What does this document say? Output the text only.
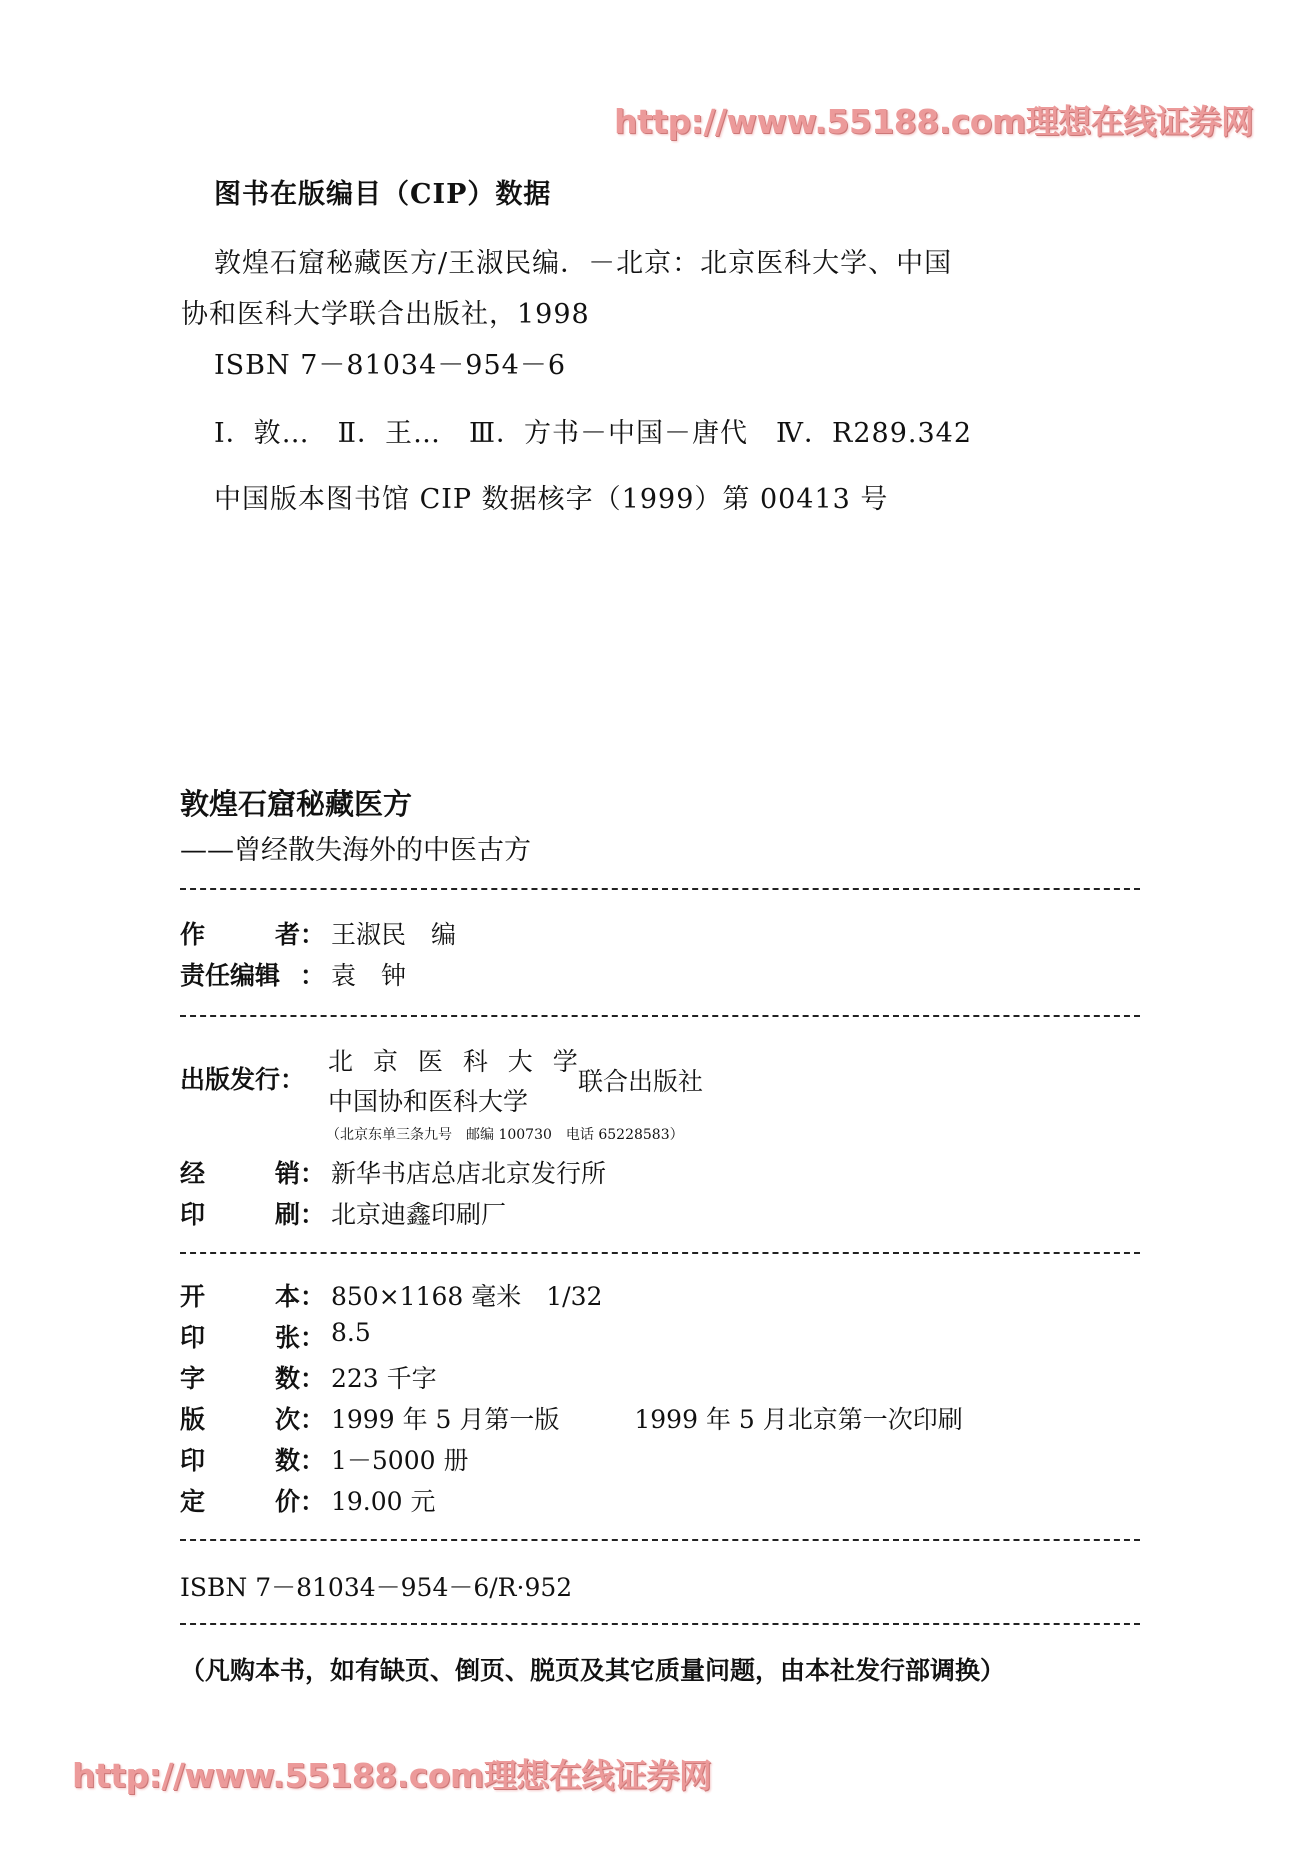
http://www.55188.com理想在线证券网
图书在版编目（CIP）数据
敦煌石窟秘藏医方/王淑民编．－北京：北京医科大学、中国
协和医科大学联合出版社，1998
ISBN 7－81034－954－6
Ⅰ．敦…　Ⅱ．王…　Ⅲ．方书－中国－唐代　Ⅳ．R289.342
中国版本图书馆 CIP 数据核字（1999）第 00413 号
敦煌石窟秘藏医方
——曾经散失海外的中医古方
作	者： 王淑民　编
责任编辑 ： 袁　钟
出版发行：
北 京 医 科 大 学
中国协和医科大学
联合出版社
（北京东单三条九号　邮编 100730　电话 65228583）
经	销： 新华书店总店北京发行所
印	刷： 北京迪鑫印刷厂
开	本： 850×1168 毫米　1/32
印	张： 8.5
字	数： 223 千字
版	次： 1999 年 5 月第一版　　　1999 年 5 月北京第一次印刷
印	数： 1－5000 册
定	价： 19.00 元
ISBN 7－81034－954－6/R·952
（凡购本书，如有缺页、倒页、脱页及其它质量问题，由本社发行部调换）
http://www.55188.com理想在线证券网
